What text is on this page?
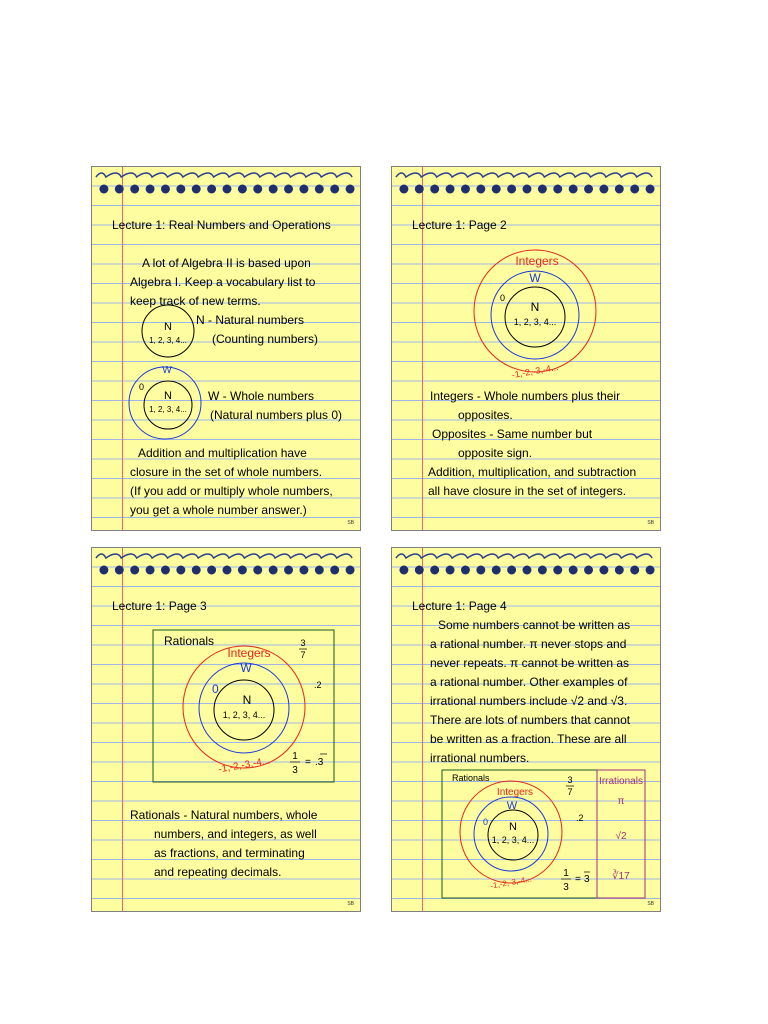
Lecture 1: Real Numbers and Operations
A lot of Algebra II is based upon
Algebra I. Keep a vocabulary list to
keep track of new terms.
N - Natural numbers
(Counting numbers)
W - Whole numbers
(Natural numbers plus 0)
Addition and multiplication have
closure in the set of whole numbers.
(If you add or multiply whole numbers,
you get a whole number answer.)
N
1, 2, 3, 4...
W
0
N
1, 2, 3, 4...
SB
Lecture 1: Page 2
Integers
W
0
N
1, 2, 3, 4...
-1,-2,-3,-4...
Integers - Whole numbers plus their
opposites.
Opposites - Same number but
opposite sign.
Addition, multiplication, and subtraction
all have closure in the set of integers.
SB
Lecture 1: Page 3
Rationals
Integers
W
0
N
1, 2, 3, 4...
-1,-2,-3,-4...
3
7
.2
1
3
= .3
Rationals - Natural numbers, whole
numbers, and integers, as well
as fractions, and terminating
and repeating decimals.
SB
Lecture 1: Page 4
Some numbers cannot be written as
a rational number. π never stops and
never repeats. π cannot be written as
a rational number. Other examples of
irrational numbers include √2 and √3.
There are lots of numbers that cannot
be written as a fraction. These are all
irrational numbers.
Rationals	Irrationals
π
√2
∛17
Integers
W
0 N
1, 2, 3, 4...
-1,-2,-3,-4...
3
7
.2
1
3
= 3
SB
